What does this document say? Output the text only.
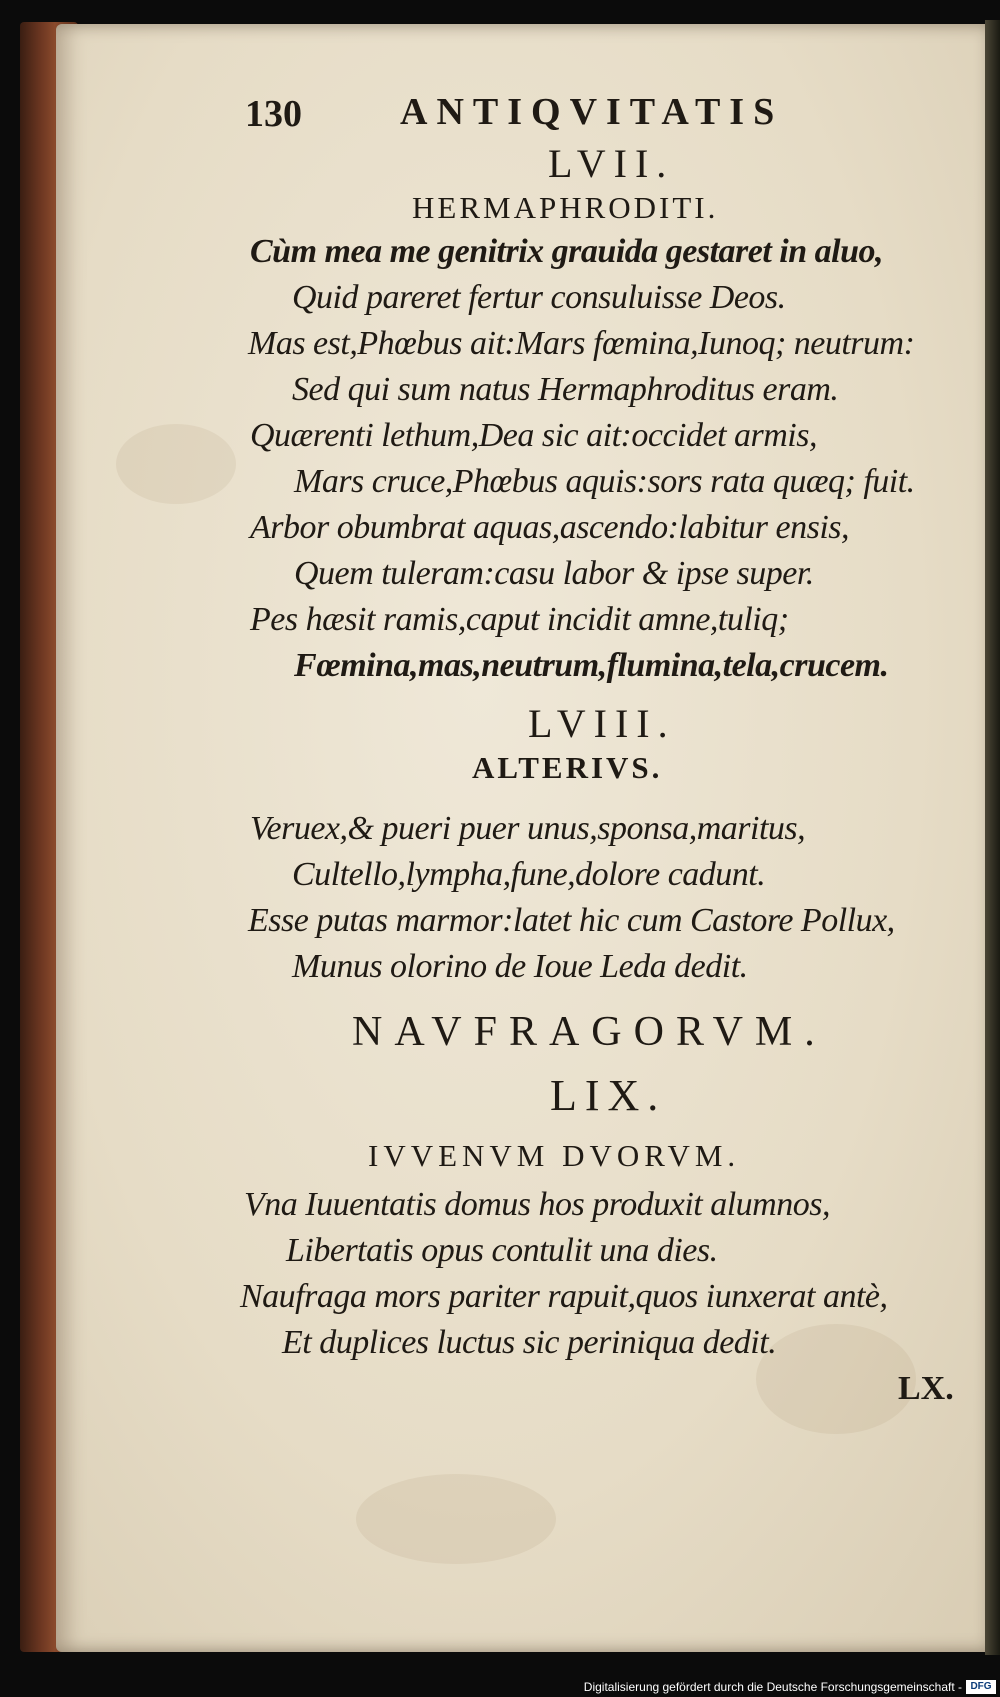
130	ANTIQVITATIS
LVII.
HERMAPHRODITI.
Cùm mea me genitrix grauida gestaret in aluo,
Quid pareret fertur consuluisse Deos.
Mas est,Phœbus ait:Mars fœmina,Iunoq; neutrum:
Sed qui sum natus Hermaphroditus eram.
Quærenti lethum,Dea sic ait:occidet armis,
Mars cruce,Phœbus aquis:sors rata quæq; fuit.
Arbor obumbrat aquas,ascendo:labitur ensis,
Quem tuleram:casu labor & ipse super.
Pes hæsit ramis,caput incidit amne,tuliq;
Fœmina,mas,neutrum,flumina,tela,crucem.
LVIII.
ALTERIVS.
Veruex,& pueri puer unus,sponsa,maritus,
Cultello,lympha,fune,dolore cadunt.
Esse putas marmor:latet hic cum Castore Pollux,
Munus olorino de Ioue Leda dedit.
NAVFRAGORVM.
LIX.
IVVENVM DVORVM.
Vna Iuuentatis domus hos produxit alumnos,
Libertatis opus contulit una dies.
Naufraga mors pariter rapuit,quos iunxerat antè,
Et duplices luctus sic periniqua dedit.
LX.
Digitalisierung gefördert durch die Deutsche Forschungsgemeinschaft - DFG
